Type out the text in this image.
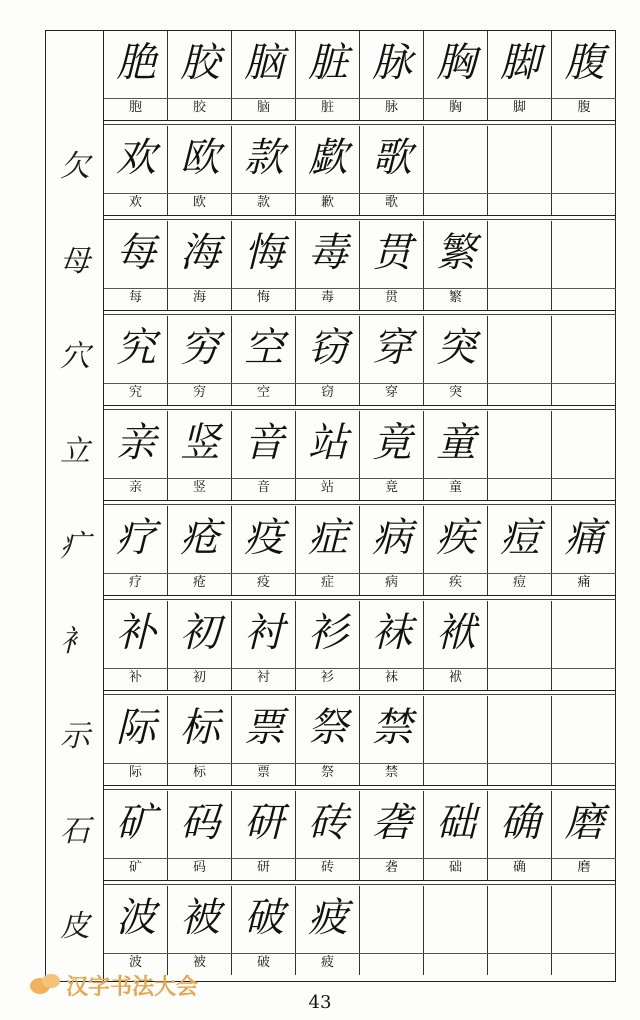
欠
母
穴
立
疒
衤
示
石
皮
脃
胞
胶
胶
脑
脑
脏
脏
脉
脉
胸
胸
脚
脚
腹
腹
欢
欢
欧
欧
款
款
歔
歉
歌
歌
每
每
海
海
悔
悔
毒
毒
贯
贯
繁
繁
究
究
穷
穷
空
空
窃
窃
穿
穿
突
突
亲
亲
竖
竖
音
音
站
站
竟
竟
童
童
疗
疗
疮
疮
疫
疫
症
症
病
病
疾
疾
痘
痘
痛
痛
补
补
初
初
衬
衬
衫
衫
袜
袜
袱
袱
际
际
标
标
票
票
祭
祭
禁
禁
矿
矿
码
码
研
研
砖
砖
砻
砻
础
础
确
确
磨
磨
波
波
被
被
破
破
疲
疲
43
汉字书法大会
